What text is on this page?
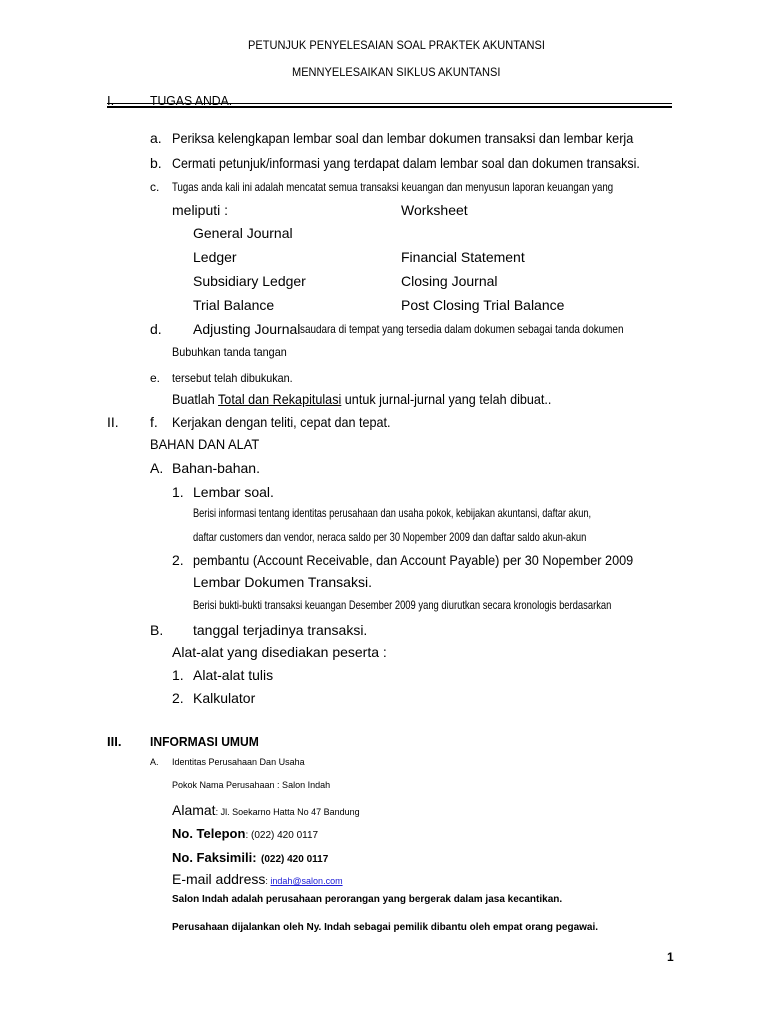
PETUNJUK PENYELESAIAN SOAL PRAKTEK AKUNTANSI
MENNYELESAIKAN SIKLUS AKUNTANSI
I.	TUGAS ANDA.
a. Periksa kelengkapan lembar soal dan lembar dokumen transaksi dan lembar kerja
b. Cermati petunjuk/informasi yang terdapat dalam lembar soal dan dokumen transaksi.
c. Tugas anda kali ini adalah mencatat semua transaksi keuangan dan menyusun laporan keuangan yang
meliputi :	Worksheet
General Journal
Ledger	Financial Statement
Subsidiary Ledger	Closing Journal
Trial Balance	Post Closing Trial Balance
d. Adjusting Journal saudara di tempat yang tersedia dalam dokumen sebagai tanda dokumen
Bubuhkan tanda tangan
e. tersebut telah dibukukan.
Buatlah Total dan Rekapitulasi untuk jurnal-jurnal yang telah dibuat..
II. f. Kerjakan dengan teliti, cepat dan tepat.
BAHAN DAN ALAT
A. Bahan-bahan.
1. Lembar soal.
Berisi informasi tentang identitas perusahaan dan usaha pokok, kebijakan akuntansi, daftar akun,
daftar customers dan vendor, neraca saldo per 30 Nopember 2009 dan daftar saldo akun-akun
2. pembantu (Account Receivable, dan Account Payable) per 30 Nopember 2009
Lembar Dokumen Transaksi.
Berisi bukti-bukti transaksi keuangan Desember 2009 yang diurutkan secara kronologis berdasarkan
B. tanggal terjadinya transaksi.
Alat-alat yang disediakan peserta :
1. Alat-alat tulis
2. Kalkulator
III. INFORMASI UMUM
A. Identitas Perusahaan Dan Usaha
Pokok Nama Perusahaan : Salon Indah
Alamat: Jl. Soekarno Hatta No 47 Bandung
No. Telepon: (022) 420 0117
No. Faksimili: (022) 420 0117
E-mail address: indah@salon.com
Salon Indah adalah perusahaan perorangan yang bergerak dalam jasa kecantikan.
Perusahaan dijalankan oleh Ny. Indah sebagai pemilik dibantu oleh empat orang pegawai.
1
